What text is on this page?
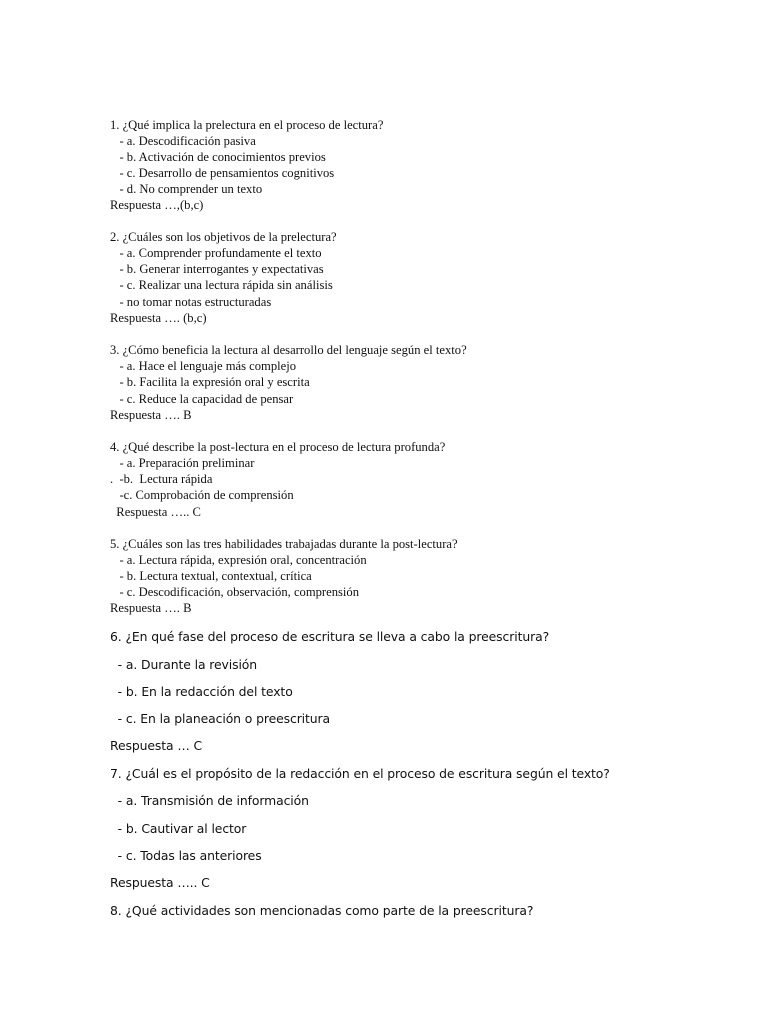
1. ¿Qué implica la prelectura en el proceso de lectura?
- a. Descodificación pasiva
- b. Activación de conocimientos previos
- c. Desarrollo de pensamientos cognitivos
- d. No comprender un texto
Respuesta …,(b,c)
2. ¿Cuáles son los objetivos de la prelectura?
- a. Comprender profundamente el texto
- b. Generar interrogantes y expectativas
- c. Realizar una lectura rápida sin análisis
- no tomar notas estructuradas
Respuesta …. (b,c)
3. ¿Cómo beneficia la lectura al desarrollo del lenguaje según el texto?
- a. Hace el lenguaje más complejo
- b. Facilita la expresión oral y escrita
- c. Reduce la capacidad de pensar
Respuesta …. B
4. ¿Qué describe la post-lectura en el proceso de lectura profunda?
- a. Preparación preliminar
.  -b.  Lectura rápida
-c. Comprobación de comprensión
Respuesta ….. C
5. ¿Cuáles son las tres habilidades trabajadas durante la post-lectura?
- a. Lectura rápida, expresión oral, concentración
- b. Lectura textual, contextual, crítica
- c. Descodificación, observación, comprensión
Respuesta …. B
6. ¿En qué fase del proceso de escritura se lleva a cabo la preescritura?
- a. Durante la revisión
- b. En la redacción del texto
- c. En la planeación o preescritura
Respuesta … C
7. ¿Cuál es el propósito de la redacción en el proceso de escritura según el texto?
- a. Transmisión de información
- b. Cautivar al lector
- c. Todas las anteriores
Respuesta ….. C
8. ¿Qué actividades son mencionadas como parte de la preescritura?
